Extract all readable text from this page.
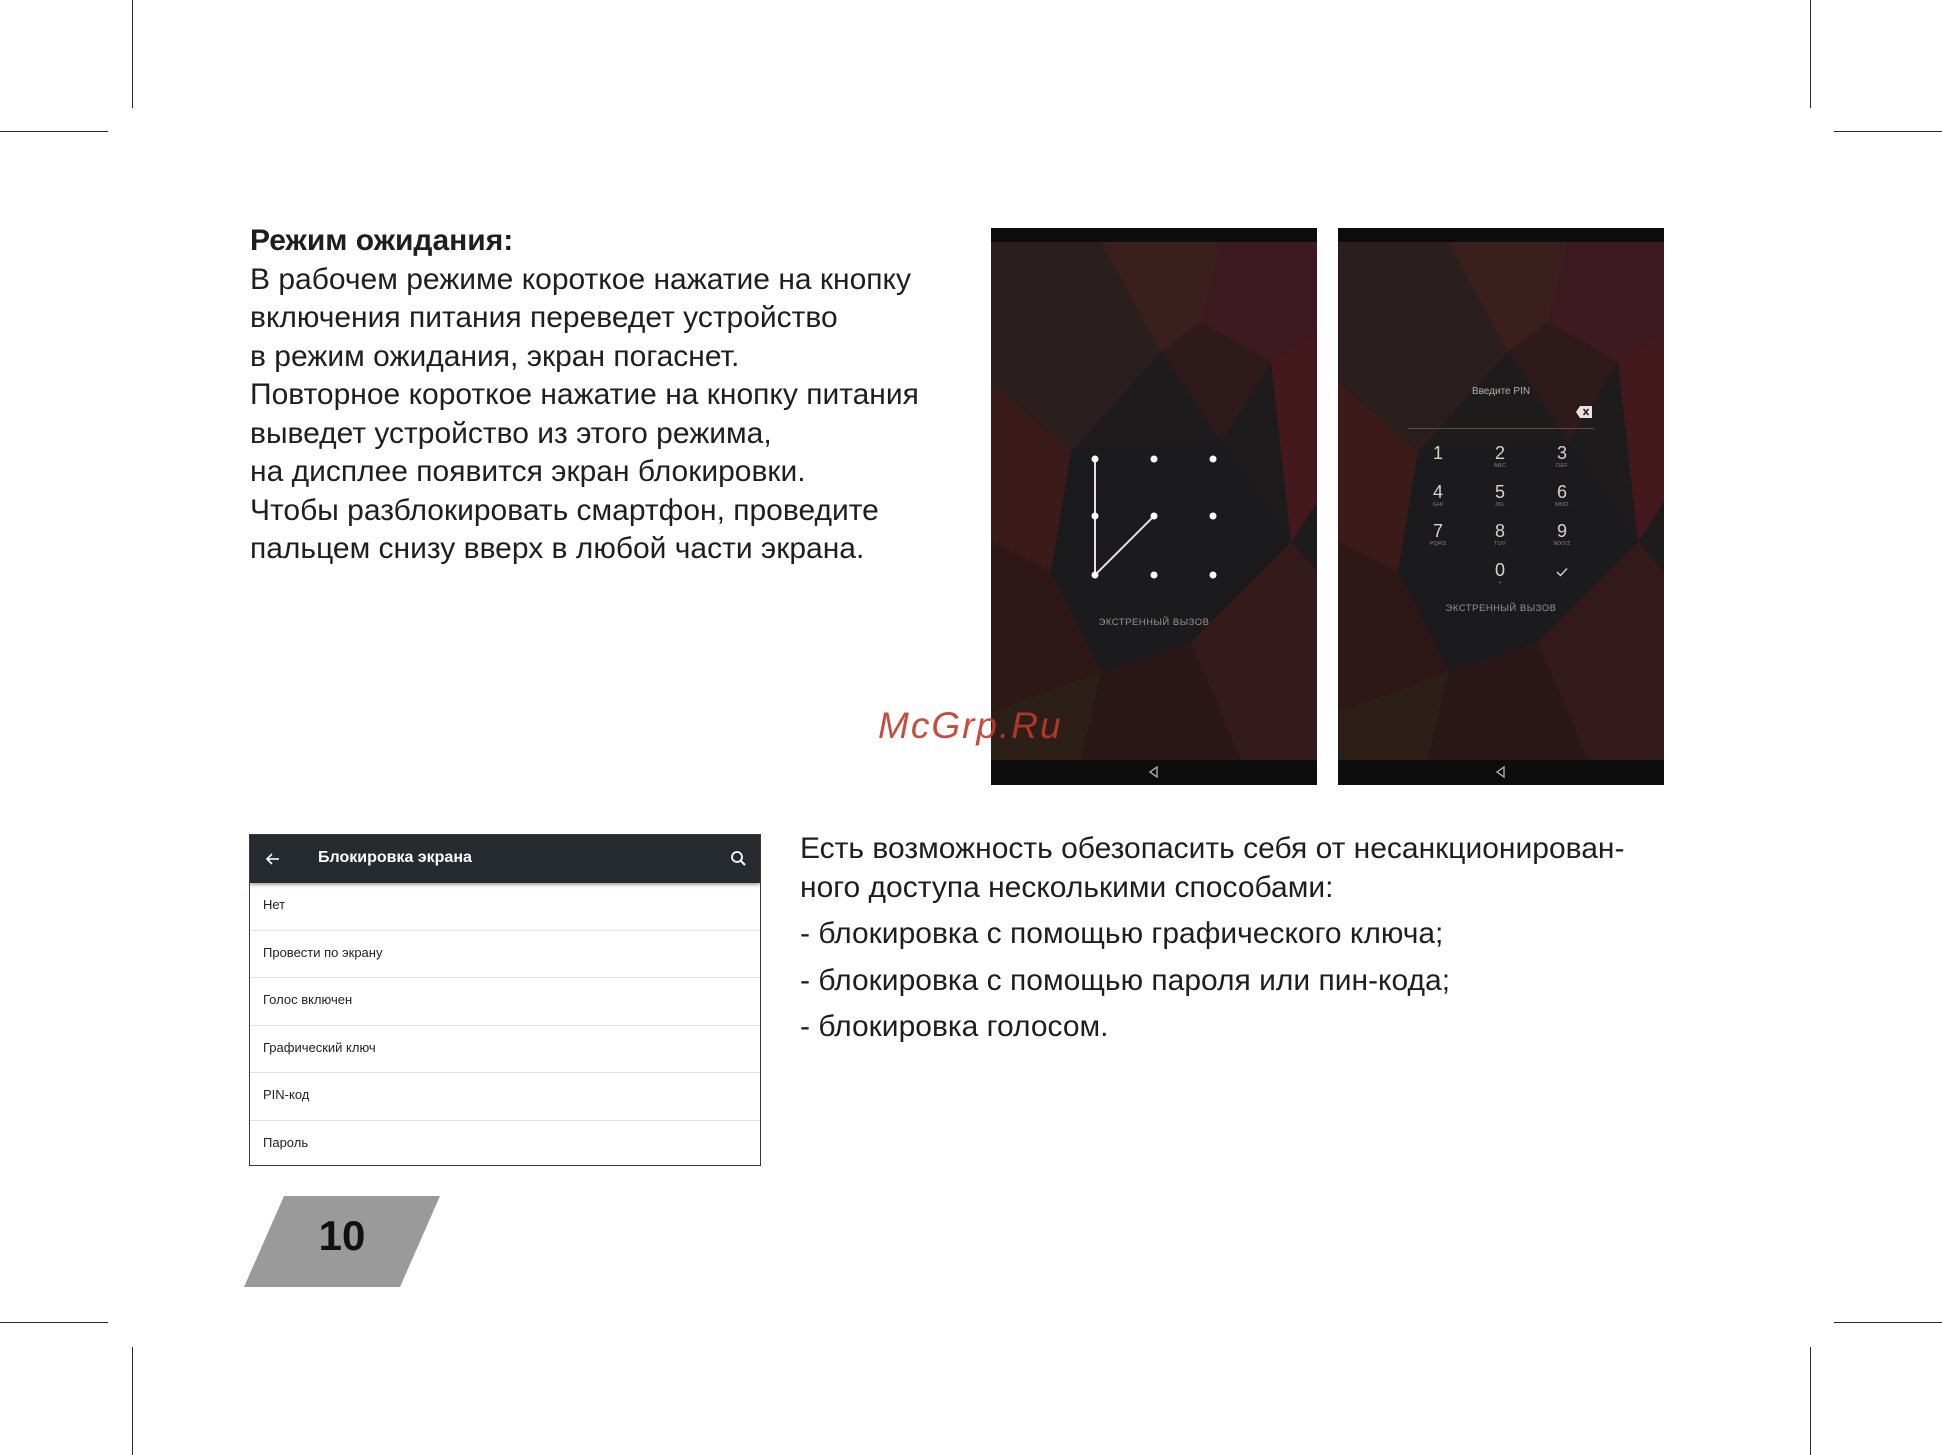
Режим ожидания:
В рабочем режиме короткое нажатие на кнопку
включения питания переведет устройство
в режим ожидания, экран погаснет.
Повторное короткое нажатие на кнопку питания
выведет устройство из этого режима,
на дисплее появится экран блокировки.
Чтобы разблокировать смартфон, проведите
пальцем снизу вверх в любой части экрана.
ЭКСТРЕННЫЙ ВЫЗОВ
Введите PIN
1	2
ABC
3
DEF
4
GHI
5
JKL
6
MNO
7
PQRS
8
TUV
9
WXYZ
0
+
ЭКСТРЕННЫЙ ВЫЗОВ
McGrp.Ru
Блокировка экрана
Нет
Провести по экрану
Голос включен
Графический ключ
PIN-код
Пароль
Есть возможность обезопасить себя от несанкционирован-
ного доступа несколькими способами:
- блокировка с помощью графического ключа;
- блокировка с помощью пароля или пин-кода;
- блокировка голосом.
10
